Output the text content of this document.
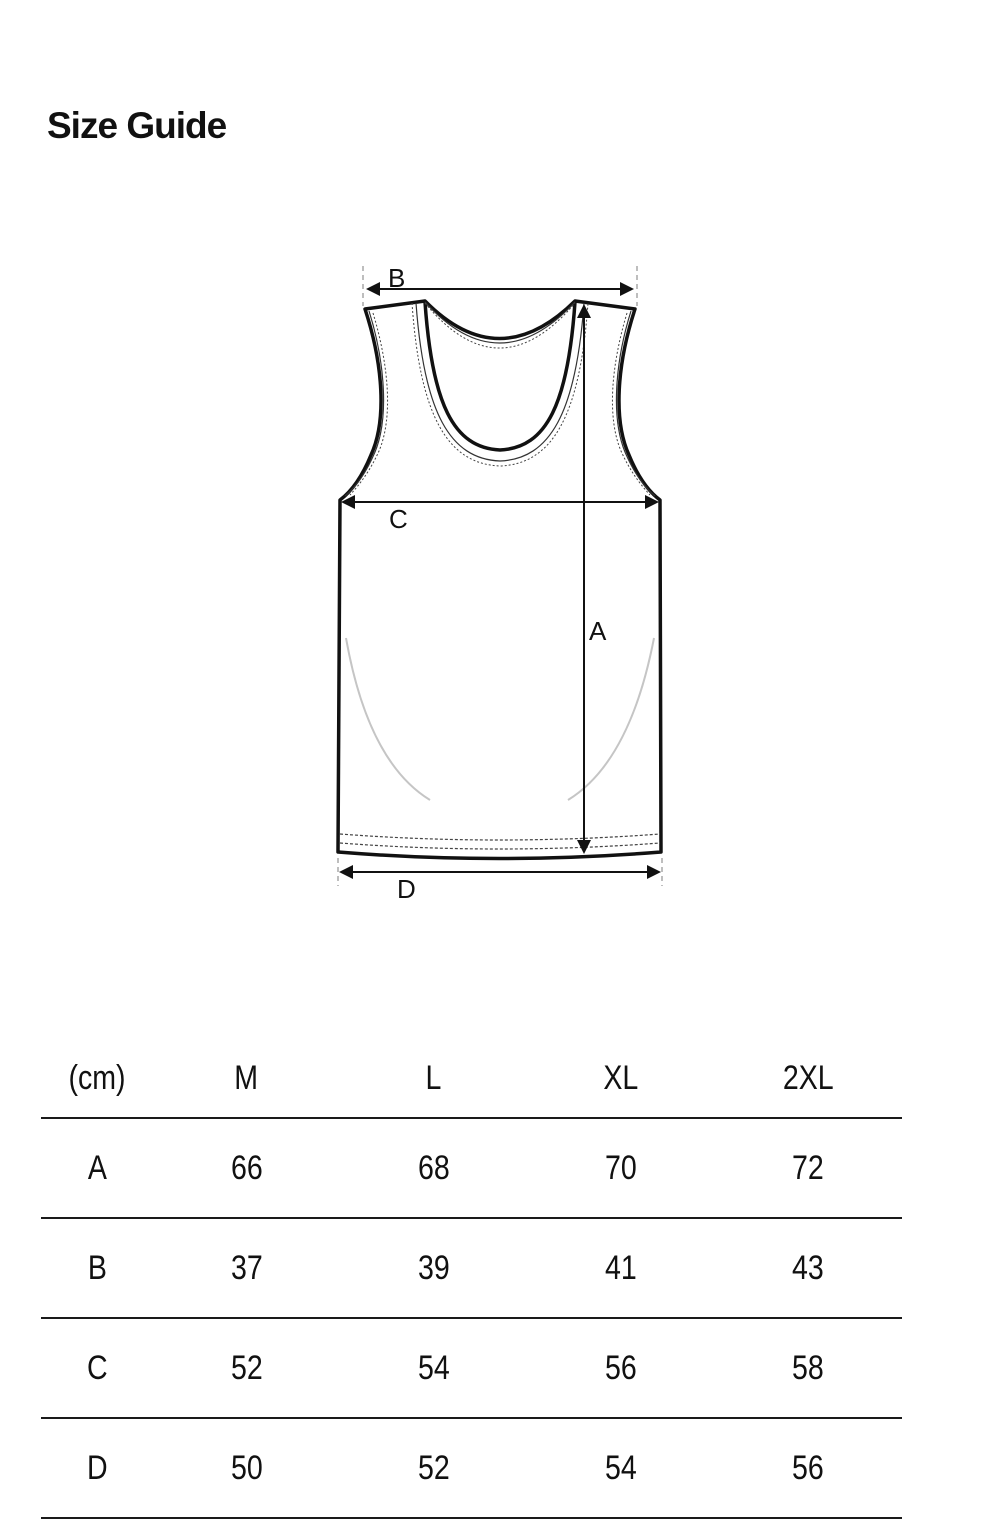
Size Guide
B
C
A
D
(cm)	M	L	XL	2XL
A	66	68	70	72
B	37	39	41	43
C	52	54	56	58
D	50	52	54	56
